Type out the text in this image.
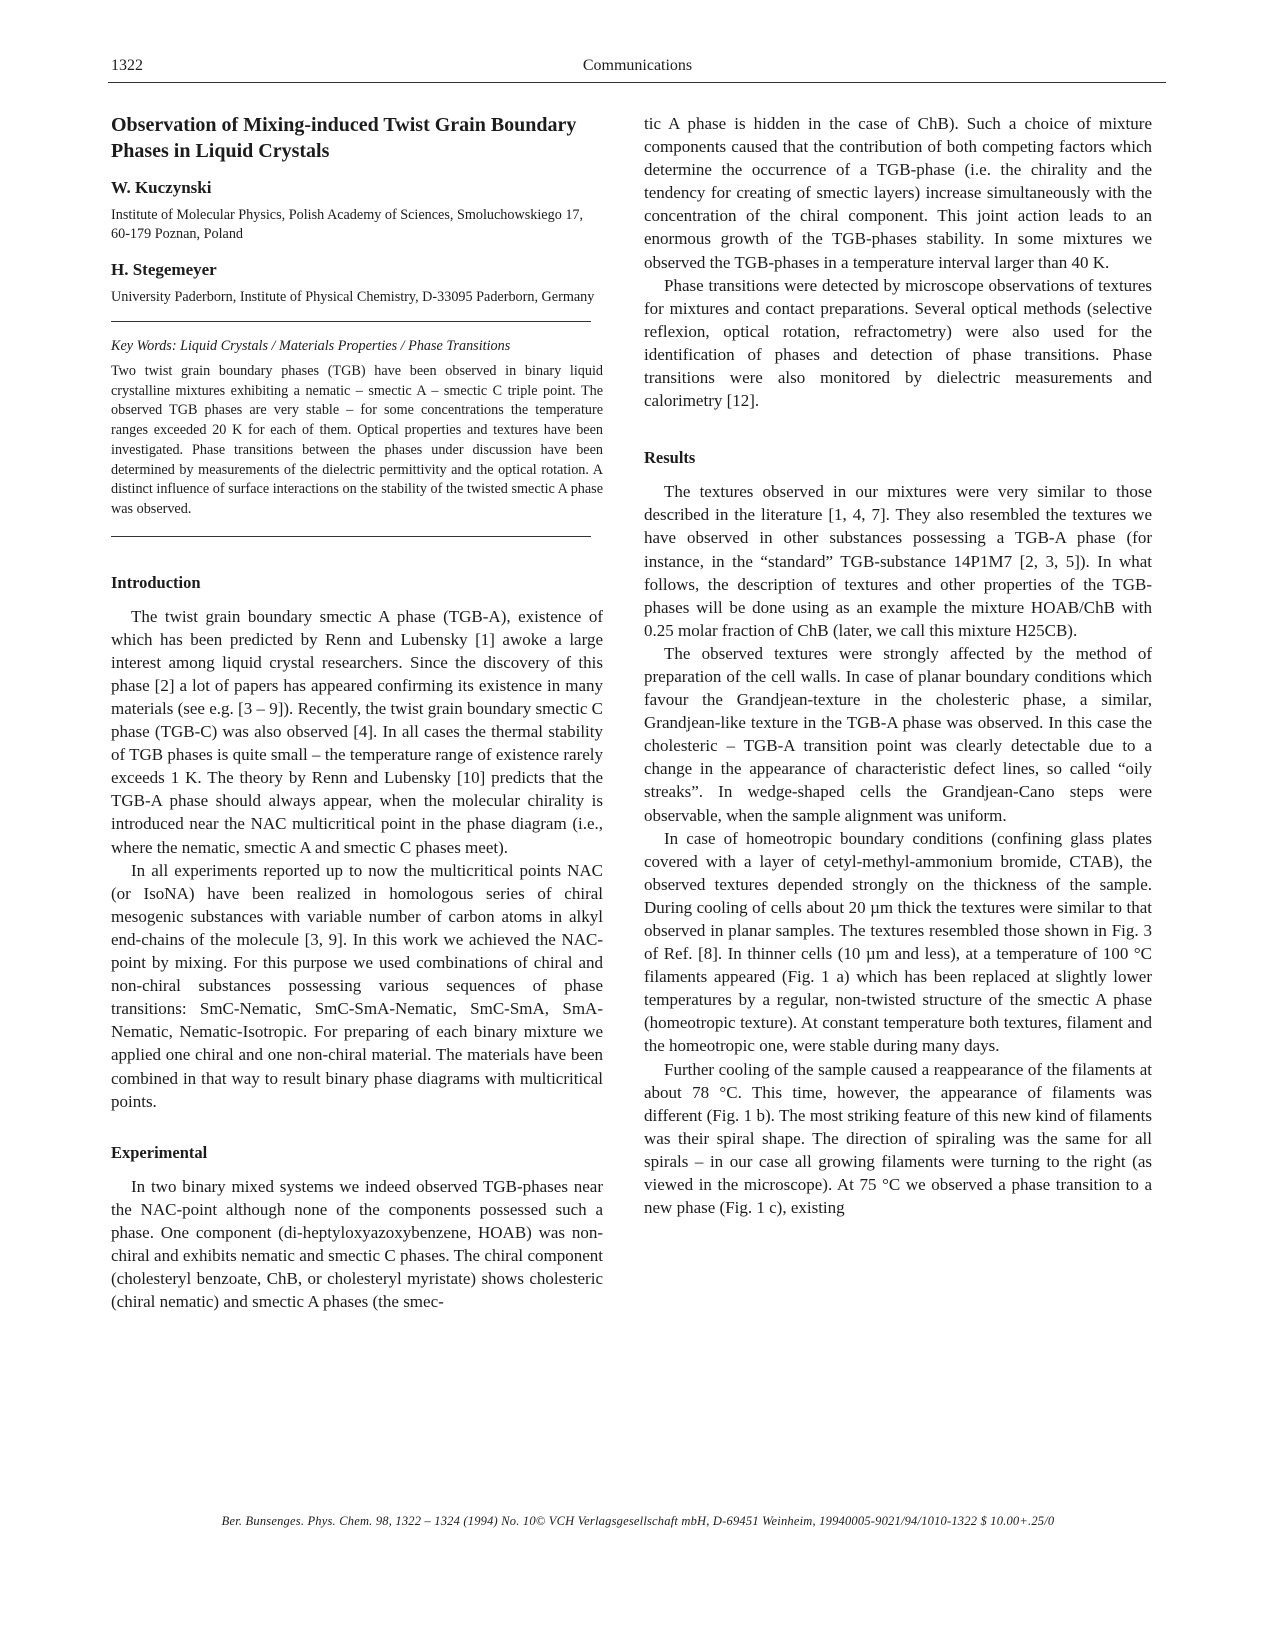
1322	Communications
Observation of Mixing-induced Twist Grain Boundary Phases in Liquid Crystals
W. Kuczynski

Institute of Molecular Physics, Polish Academy of Sciences, Smoluchowskiego 17, 60-179 Poznan, Poland

H. Stegemeyer

University Paderborn, Institute of Physical Chemistry, D-33095 Paderborn, Germany

Key Words: Liquid Crystals / Materials Properties / Phase Transitions

Two twist grain boundary phases (TGB) have been observed in binary liquid crystalline mixtures exhibiting a nematic – smectic A – smectic C triple point. The observed TGB phases are very stable – for some concentrations the temperature ranges exceeded 20 K for each of them. Optical properties and textures have been investigated. Phase transitions between the phases under discussion have been determined by measurements of the dielectric permittivity and the optical rotation. A distinct influence of surface interactions on the stability of the twisted smectic A phase was observed.

Introduction

The twist grain boundary smectic A phase (TGB-A), existence of which has been predicted by Renn and Lubensky [1] awoke a large interest among liquid crystal researchers. Since the discovery of this phase [2] a lot of papers has appeared confirming its existence in many materials (see e.g. [3 – 9]). Recently, the twist grain boundary smectic C phase (TGB-C) was also observed [4]. In all cases the thermal stability of TGB phases is quite small – the temperature range of existence rarely exceeds 1 K. The theory by Renn and Lubensky [10] predicts that the TGB-A phase should always appear, when the molecular chirality is introduced near the NAC multicritical point in the phase diagram (i.e., where the nematic, smectic A and smectic C phases meet).

In all experiments reported up to now the multicritical points NAC (or IsoNA) have been realized in homologous series of chiral mesogenic substances with variable number of carbon atoms in alkyl end-chains of the molecule [3, 9]. In this work we achieved the NAC-point by mixing. For this purpose we used combinations of chiral and non-chiral substances possessing various sequences of phase transitions: SmC-Nematic, SmC-SmA-Nematic, SmC-SmA, SmA-Nematic, Nematic-Isotropic. For preparing of each binary mixture we applied one chiral and one non-chiral material. The materials have been combined in that way to result binary phase diagrams with multicritical points.

Experimental

In two binary mixed systems we indeed observed TGB-phases near the NAC-point although none of the components possessed such a phase. One component (di-heptyloxyazoxybenzene, HOAB) was non-chiral and exhibits nematic and smectic C phases. The chiral component (cholesteryl benzoate, ChB, or cholesteryl myristate) shows cholesteric (chiral nematic) and smectic A phases (the smec-

tic A phase is hidden in the case of ChB). Such a choice of mixture components caused that the contribution of both competing factors which determine the occurrence of a TGB-phase (i.e. the chirality and the tendency for creating of smectic layers) increase simultaneously with the concentration of the chiral component. This joint action leads to an enormous growth of the TGB-phases stability. In some mixtures we observed the TGB-phases in a temperature interval larger than 40 K.

Phase transitions were detected by microscope observations of textures for mixtures and contact preparations. Several optical methods (selective reflexion, optical rotation, refractometry) were also used for the identification of phases and detection of phase transitions. Phase transitions were also monitored by dielectric measurements and calorimetry [12].

Results

The textures observed in our mixtures were very similar to those described in the literature [1, 4, 7]. They also resembled the textures we have observed in other substances possessing a TGB-A phase (for instance, in the “standard” TGB-substance 14P1M7 [2, 3, 5]). In what follows, the description of textures and other properties of the TGB-phases will be done using as an example the mixture HOAB/ChB with 0.25 molar fraction of ChB (later, we call this mixture H25CB).

The observed textures were strongly affected by the method of preparation of the cell walls. In case of planar boundary conditions which favour the Grandjean-texture in the cholesteric phase, a similar, Grandjean-like texture in the TGB-A phase was observed. In this case the cholesteric – TGB-A transition point was clearly detectable due to a change in the appearance of characteristic defect lines, so called “oily streaks”. In wedge-shaped cells the Grandjean-Cano steps were observable, when the sample alignment was uniform.

In case of homeotropic boundary conditions (confining glass plates covered with a layer of cetyl-methyl-ammonium bromide, CTAB), the observed textures depended strongly on the thickness of the sample. During cooling of cells about 20 µm thick the textures were similar to that observed in planar samples. The textures resembled those shown in Fig. 3 of Ref. [8]. In thinner cells (10 µm and less), at a temperature of 100 °C filaments appeared (Fig. 1 a) which has been replaced at slightly lower temperatures by a regular, non-twisted structure of the smectic A phase (homeotropic texture). At constant temperature both textures, filament and the homeotropic one, were stable during many days.

Further cooling of the sample caused a reappearance of the filaments at about 78 °C. This time, however, the appearance of filaments was different (Fig. 1 b). The most striking feature of this new kind of filaments was their spiral shape. The direction of spiraling was the same for all spirals – in our case all growing filaments were turning to the right (as viewed in the microscope). At 75 °C we observed a phase transition to a new phase (Fig. 1 c), existing

Ber. Bunsenges. Phys. Chem. 98, 1322 – 1324 (1994) No. 10© VCH Verlagsgesellschaft mbH, D-69451 Weinheim, 19940005-9021/94/1010-1322 $ 10.00+.25/0
